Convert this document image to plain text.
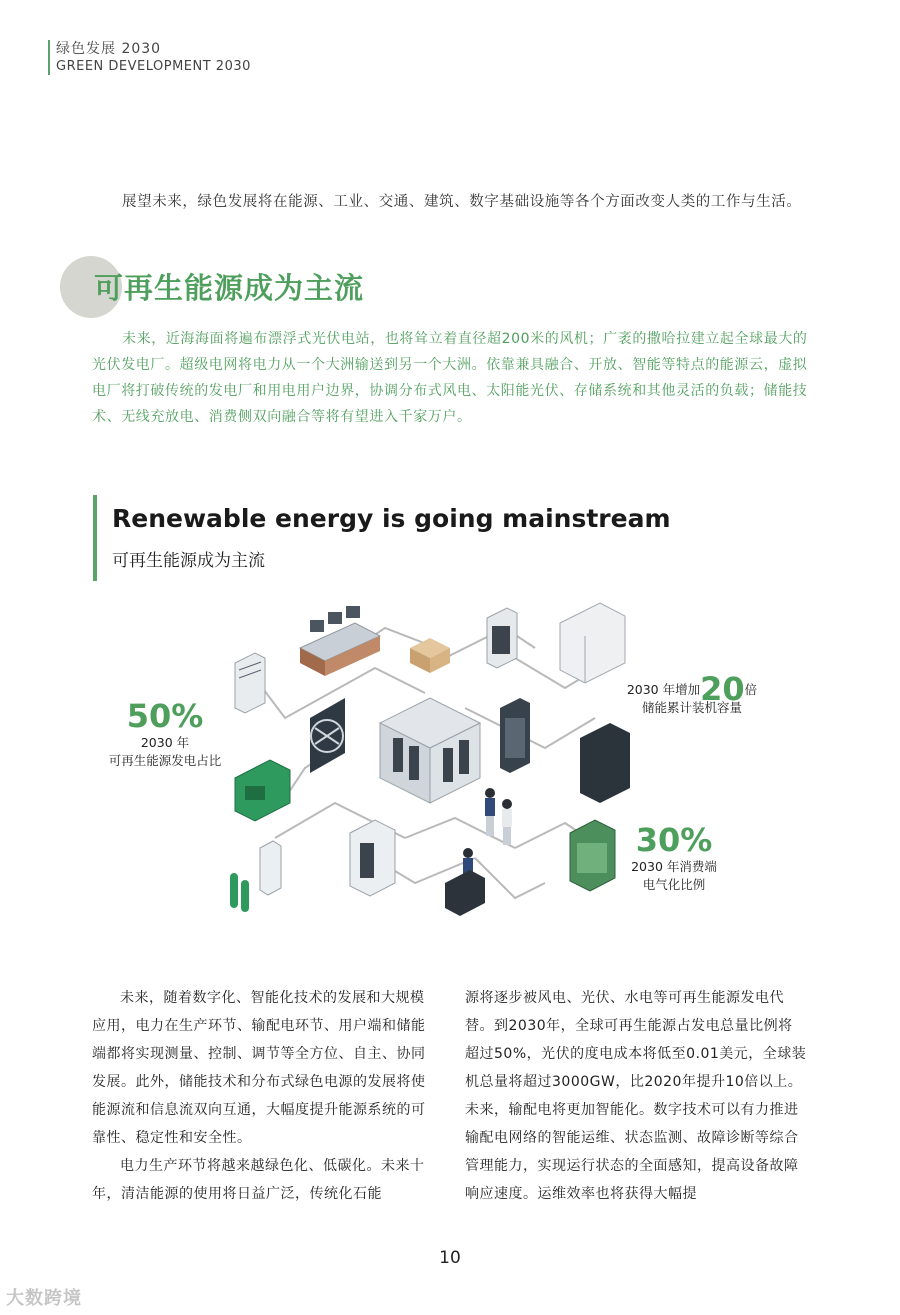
绿色发展 2030
GREEN DEVELOPMENT 2030

展望未来，绿色发展将在能源、工业、交通、建筑、数字基础设施等各个方面改变人类的工作与生活。

可再生能源成为主流

未来，近海海面将遍布漂浮式光伏电站，也将耸立着直径超200米的风机；广袤的撒哈拉建立起全球最大的光伏发电厂。超级电网将电力从一个大洲输送到另一个大洲。依靠兼具融合、开放、智能等特点的能源云，虚拟电厂将打破传统的发电厂和用电用户边界，协调分布式风电、太阳能光伏、存储系统和其他灵活的负载；储能技术、无线充放电、消费侧双向融合等将有望进入千家万户。

Renewable energy is going mainstream
可再生能源成为主流
50%
2030 年
可再生能源发电占比
2030 年增加20倍
储能累计装机容量
30%
2030 年消费端
电气化比例

未来，随着数字化、智能化技术的发展和大规模应用，电力在生产环节、输配电环节、用户端和储能端都将实现测量、控制、调节等全方位、自主、协同发展。此外，储能技术和分布式绿色电源的发展将使能源流和信息流双向互通，大幅度提升能源系统的可靠性、稳定性和安全性。

电力生产环节将越来越绿色化、低碳化。未来十年，清洁能源的使用将日益广泛，传统化石能

源将逐步被风电、光伏、水电等可再生能源发电代替。到2030年，全球可再生能源占发电总量比例将超过50%，光伏的度电成本将低至0.01美元，全球装机总量将超过3000GW，比2020年提升10倍以上。未来，输配电将更加智能化。数字技术可以有力推进输配电网络的智能运维、状态监测、故障诊断等综合管理能力，实现运行状态的全面感知，提高设备故障响应速度。运维效率也将获得大幅提

10
大数跨境
